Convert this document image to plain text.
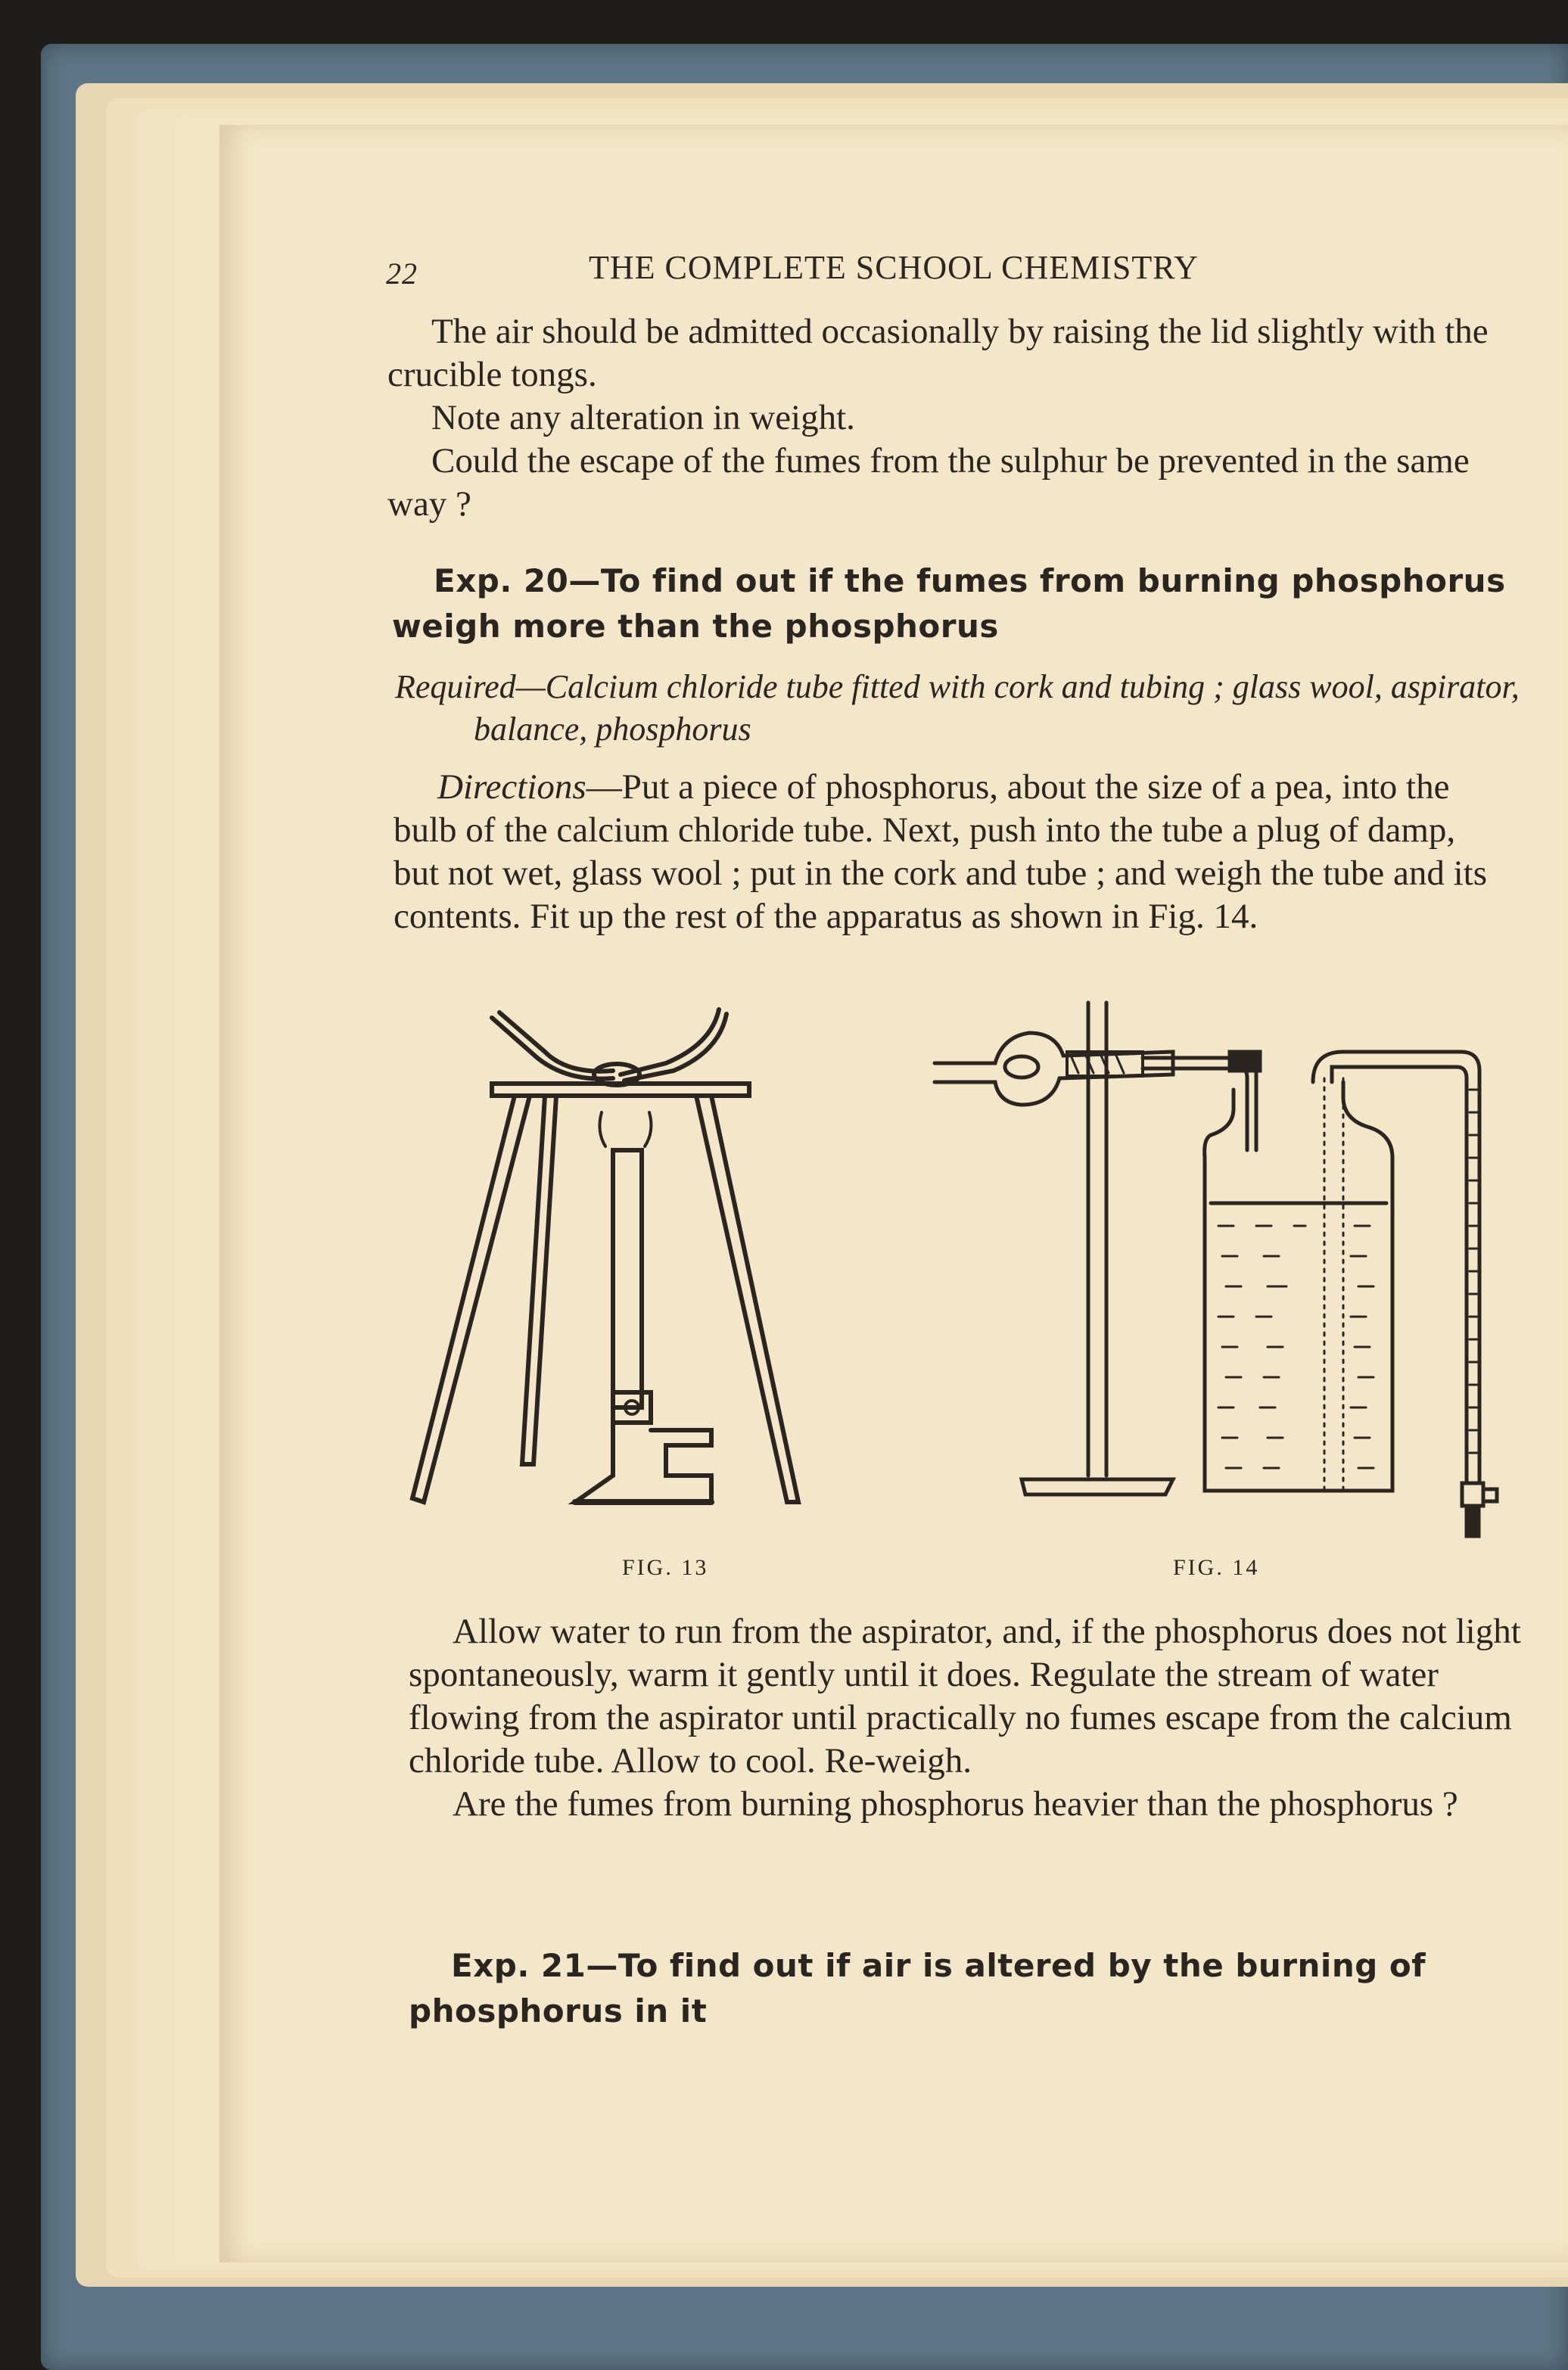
22	THE COMPLETE SCHOOL CHEMISTRY

The air should be admitted occasionally by raising the lid slightly with the crucible tongs.

Note any alteration in weight.

Could the escape of the fumes from the sulphur be prevented in the same way ?

Exp. 20—To find out if the fumes from burning phosphorus weigh more than the phosphorus
Required—Calcium chloride tube fitted with cork and tubing ; glass wool, aspirator, balance, phosphorus
Directions—Put a piece of phosphorus, about the size of a pea, into the bulb of the calcium chloride tube. Next, push into the tube a plug of damp, but not wet, glass wool ; put in the cork and tube ; and weigh the tube and its contents. Fit up the rest of the apparatus as shown in Fig. 14.
FIG. 13	FIG. 14

Allow water to run from the aspirator, and, if the phosphorus does not light spontaneously, warm it gently until it does. Regulate the stream of water flowing from the aspirator until practically no fumes escape from the calcium chloride tube. Allow to cool. Re-weigh.

Are the fumes from burning phosphorus heavier than the phosphorus ?

Exp. 21—To find out if air is altered by the burning of phosphorus in it
